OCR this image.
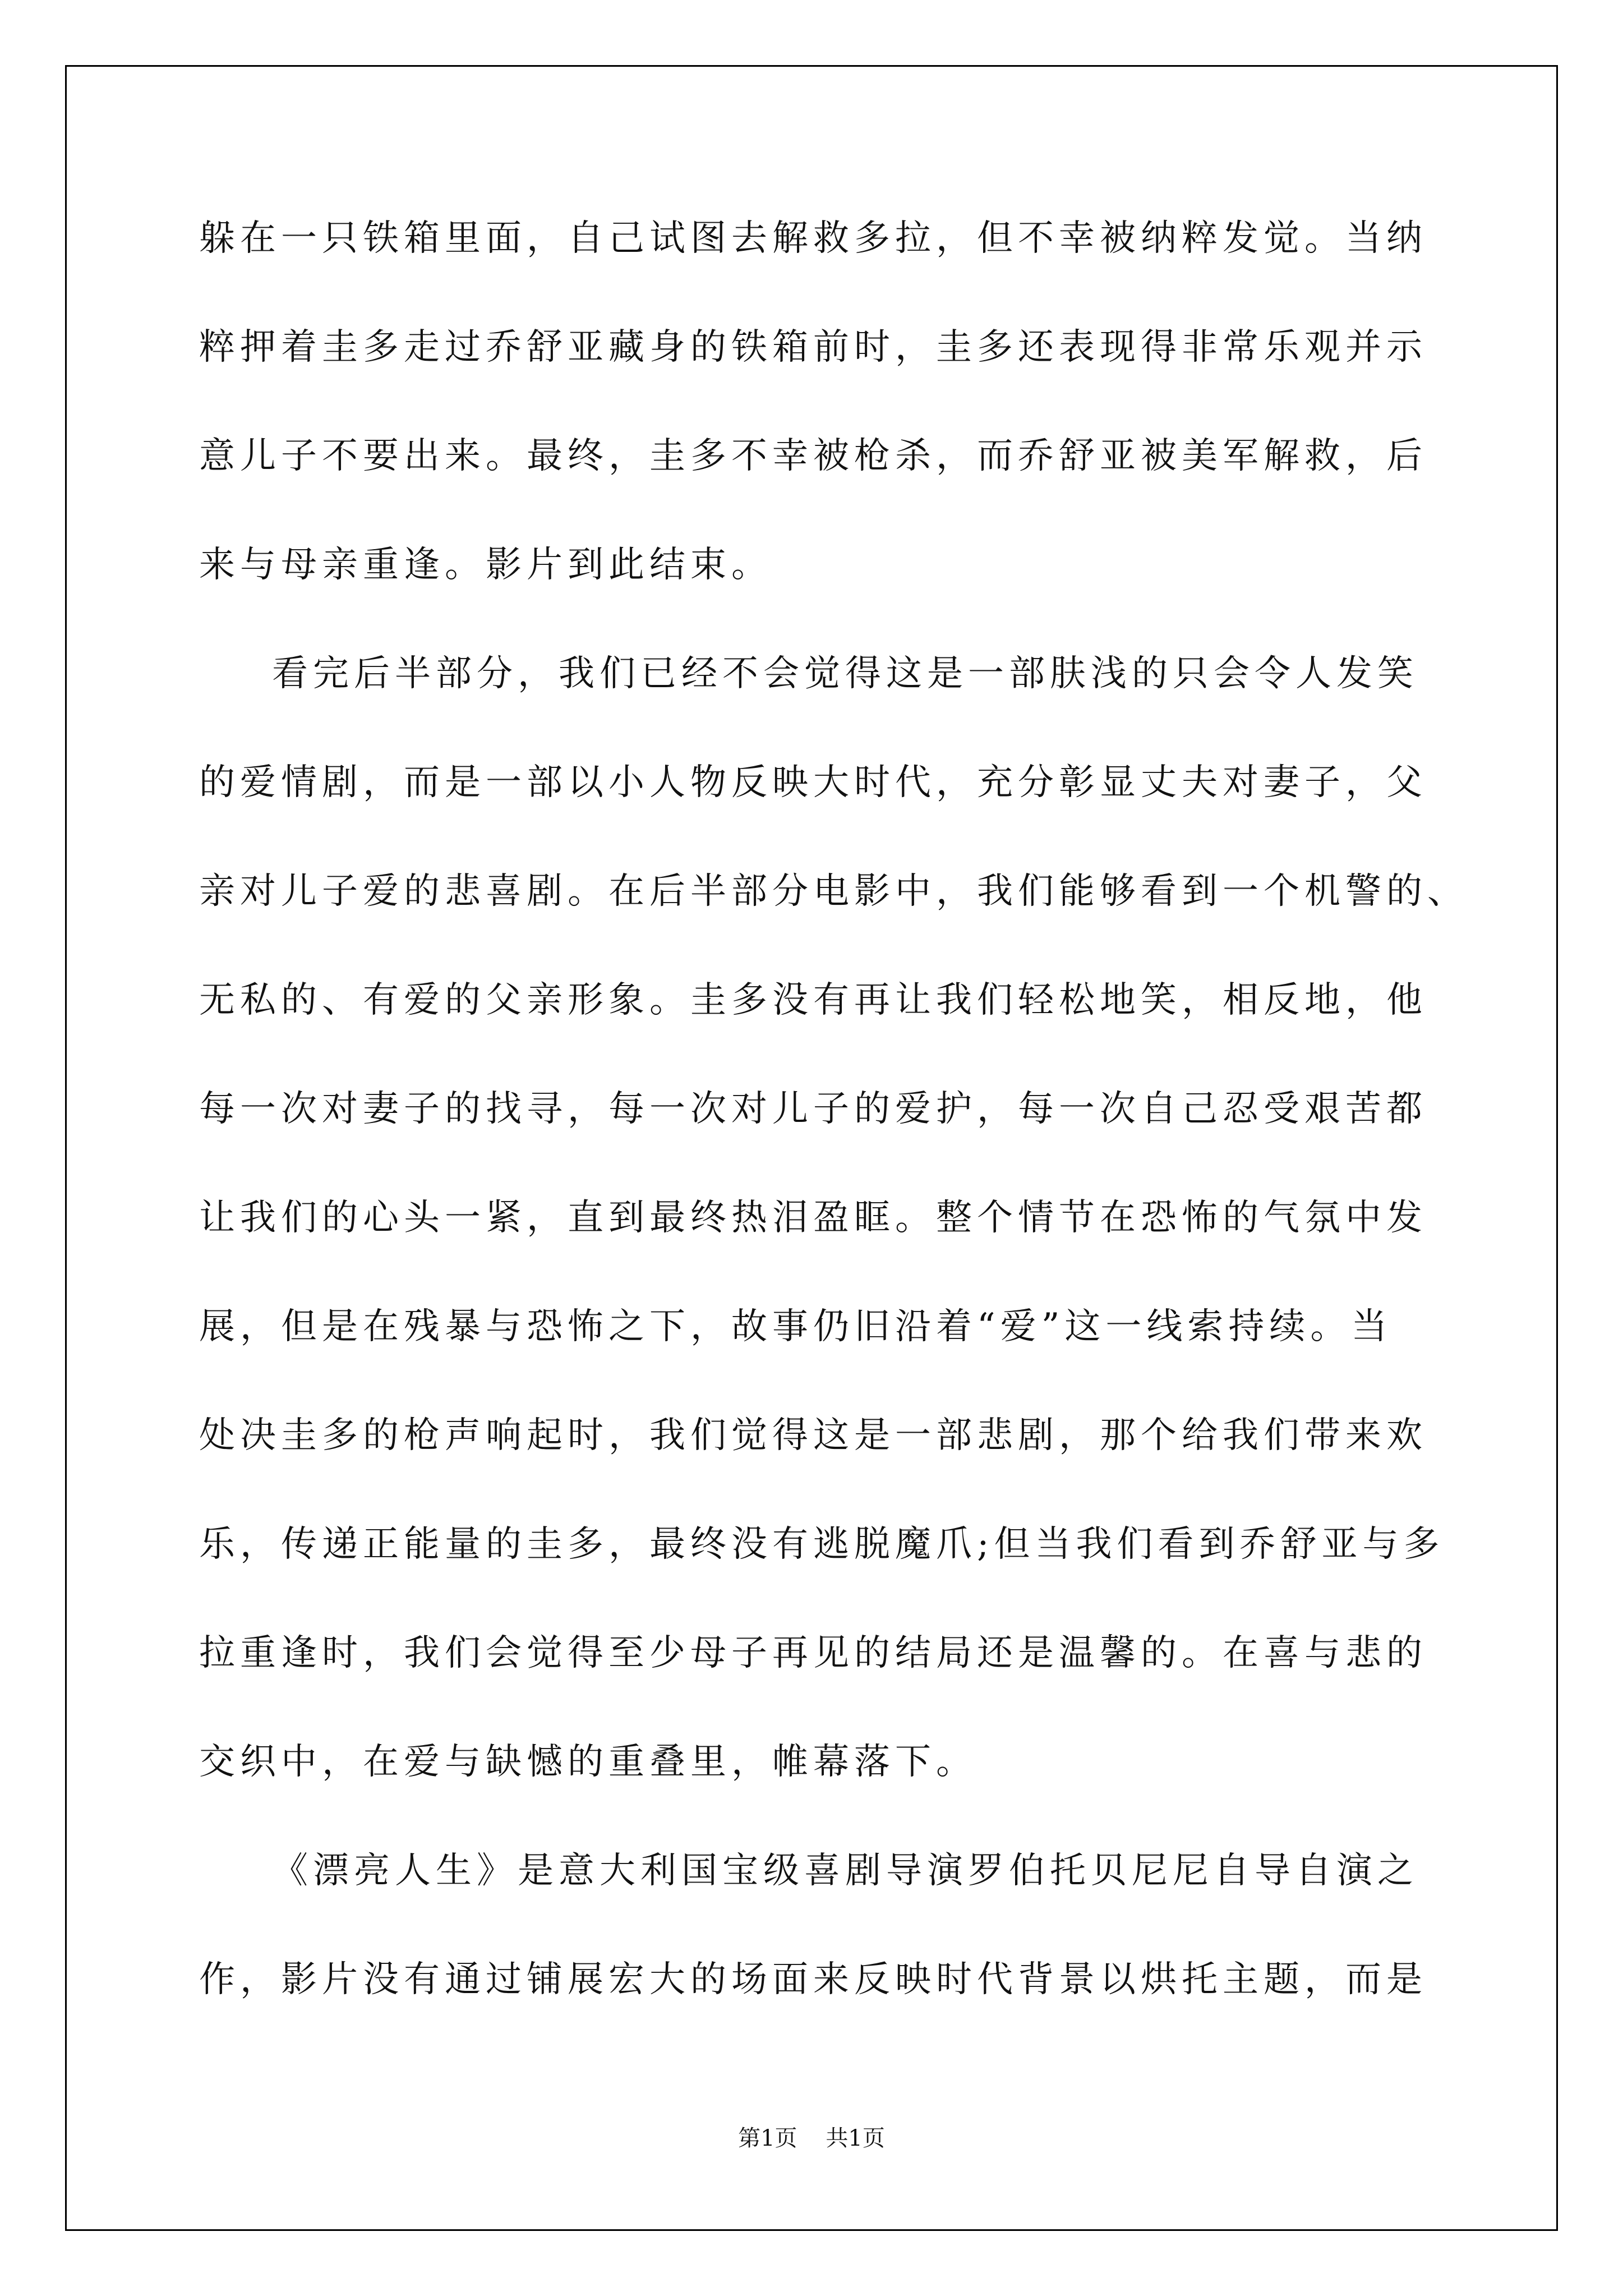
躲在一只铁箱里面，自己试图去解救多拉，但不幸被纳粹发觉。当纳
粹押着圭多走过乔舒亚藏身的铁箱前时，圭多还表现得非常乐观并示
意儿子不要出来。最终，圭多不幸被枪杀，而乔舒亚被美军解救，后
来与母亲重逢。影片到此结束。
看完后半部分，我们已经不会觉得这是一部肤浅的只会令人发笑
的爱情剧，而是一部以小人物反映大时代，充分彰显丈夫对妻子，父
亲对儿子爱的悲喜剧。在后半部分电影中，我们能够看到一个机警的、
无私的、有爱的父亲形象。圭多没有再让我们轻松地笑，相反地，他
每一次对妻子的找寻，每一次对儿子的爱护，每一次自己忍受艰苦都
让我们的心头一紧，直到最终热泪盈眶。整个情节在恐怖的气氛中发
展，但是在残暴与恐怖之下，故事仍旧沿着“爱”这一线索持续。当
处决圭多的枪声响起时，我们觉得这是一部悲剧，那个给我们带来欢
乐，传递正能量的圭多，最终没有逃脱魔爪;但当我们看到乔舒亚与多
拉重逢时，我们会觉得至少母子再见的结局还是温馨的。在喜与悲的
交织中，在爱与缺憾的重叠里，帷幕落下。
《漂亮人生》是意大利国宝级喜剧导演罗伯托贝尼尼自导自演之
作，影片没有通过铺展宏大的场面来反映时代背景以烘托主题，而是
第1页    共1页
